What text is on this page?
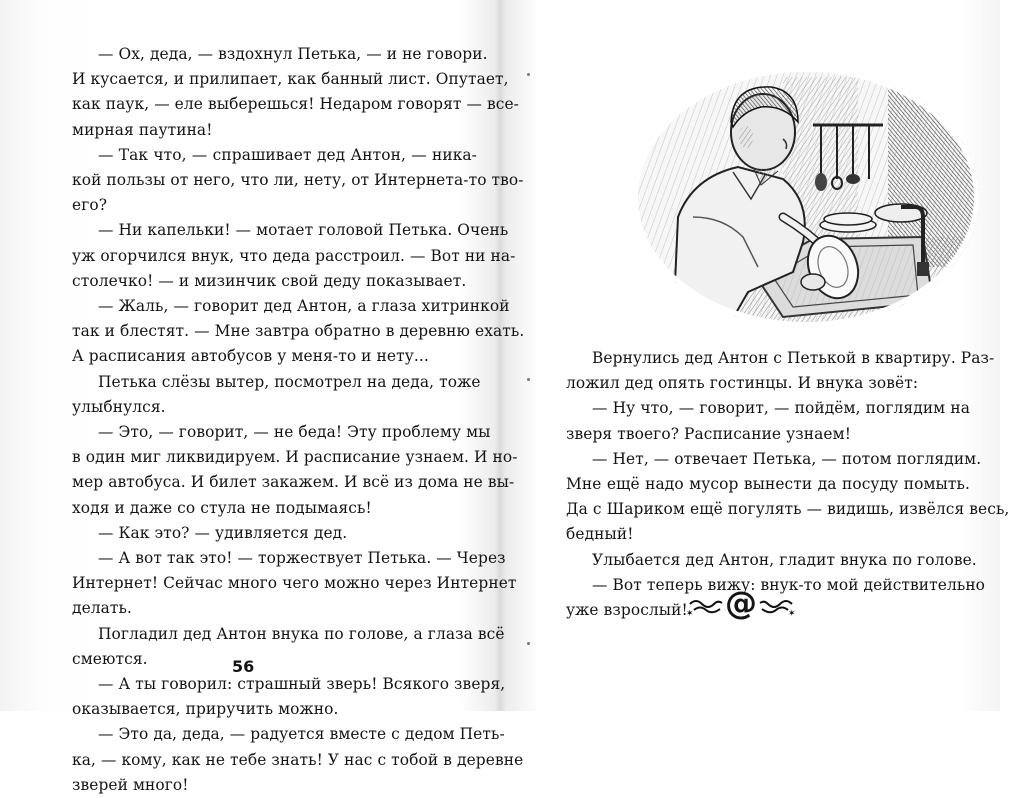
— Ох, деда, — вздохнул Петька, — и не говори.

И кусается, и прилипает, как банный лист. Опутает,

как паук, — еле выберешься! Недаром говорят — все-

мирная паутина!

— Так что, — спрашивает дед Антон, — ника-

кой пользы от него, что ли, нету, от Интернета-то тво-

его?

— Ни капельки! — мотает головой Петька. Очень

уж огорчился внук, что деда расстроил. — Вот ни на-

столечко! — и мизинчик свой деду показывает.

— Жаль, — говорит дед Антон, а глаза хитринкой

так и блестят. — Мне завтра обратно в деревню ехать.

А расписания автобусов у меня-то и нету...

Петька слёзы вытер, посмотрел на деда, тоже

улыбнулся.

— Это, — говорит, — не беда! Эту проблему мы

в один миг ликвидируем. И расписание узнаем. И но-

мер автобуса. И билет закажем. И всё из дома не вы-

ходя и даже со стула не подымаясь!

— Как это? — удивляется дед.

— А вот так это! — торжествует Петька. — Через

Интернет! Сейчас много чего можно через Интернет

делать.

Погладил дед Антон внука по голове, а глаза всё

смеются.

— А ты говорил: страшный зверь! Всякого зверя,

оказывается, приручить можно.

— Это да, деда, — радуется вместе с дедом Петь-

ка, — кому, как не тебе знать! У нас с тобой в деревне

зверей много!

56

Вернулись дед Антон с Петькой в квартиру. Раз-

ложил дед опять гостинцы. И внука зовёт:

— Ну что, — говорит, — пойдём, поглядим на

зверя твоего? Расписание узнаем!

— Нет, — отвечает Петька, — потом поглядим.

Мне ещё надо мусор вынести да посуду помыть.

Да с Шариком ещё погулять — видишь, извёлся весь,

бедный!

Улыбается дед Антон, гладит внука по голове.

— Вот теперь вижу: внук-то мой действительно

уже взрослый!

✶	✶
@
